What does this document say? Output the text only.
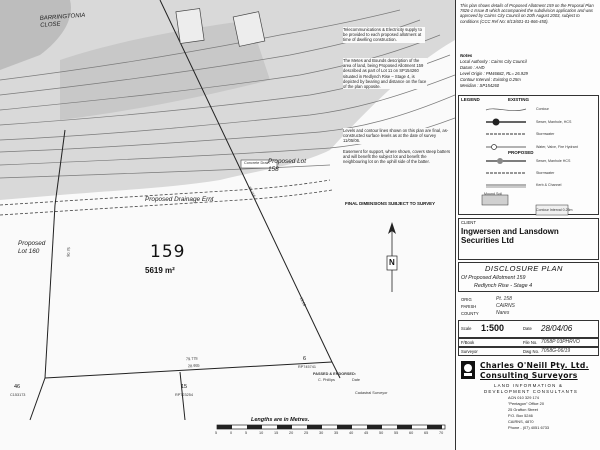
BARRINGTONIA CLOSE
Proposed Drainage Ernt
Concrete Drain
Proposed Lot 158
Proposed Lot 160	159
5619 m²
FINAL DIMENSIONS SUBJECT TO SURVEY
N
90.75
66.115
22.69
79.778
28.955
6
RP745741
15
RP723254
46
C153173
PASSED & ENDORSED:
C. Phillips	Date
Cadastral Surveyor
Lengths are in Metres.
5	0	5	10	15	20	25	30	35	40	45	50	55	60	65	70
Telecommunications & Electricity supply to be provided to each proposed allotment at time of dwelling construction.
The Metes and Bounds description of the area of land, being Proposed Allotment 159 described as part of Lot 11 on SP154260 situated in Redlynch Rise – Stage 4, is depicted by bearing and distance on the face of the plan opposite.
Levels and contour lines shown on this plan are final, as-constructed surface levels as at the date of survey 11/05/06.
Easement for support, where shown, covers steep batters and will benefit the subject lot and benefit the neighbouring lot on the uphill side of the batter.
This plan shows details of Proposed Allotment 159 on the Proposal Plan 7826-1 Issue B which accompanied the subdivision application and was approved by Cairns City Council on 20th August 2003, subject to conditions (CCC Ref No: 8/13/601-01-866-450).
Notes
Local Authority : Cairns City Council
Datum : AHD
Level Origin : PM46682, RL= 26.929
Contour Interval : Existing 0.25m
Meridian : SP154260
LEGEND	EXISTING
PROPOSED
Contour
Sewer, Manhole, HCS
Stormwater
Water, Valve, Fire Hydrant
Sewer, Manhole HCS
Stormwater
Kerb & Channel
Mound Soil
Contour Interval 0.25m
CLIENT
Ingwersen and Lansdown Securities Ltd
DISCLOSURE PLAN
Of Proposed Allotment 159
Redlynch Rise - Stage 4
ORIG	Pt. 158
PARISH	CAIRNS
COUNTY	Nares
Scale 1:500	Date 28/04/06
F/Book	File No. 7058P 03PHRVO
Surveyor	Dwg No. 7058G-06/19
Charles O'Neill Pty. Ltd.
Consulting Surveyors
LAND INFORMATION &
DEVELOPMENT CONSULTANTS
ACN 010 329 174
"Pentagon" Office 20
25 Grafton Street
P.O. Box 5246
CAIRNS, 4870
Phone - (07) 4051 6733
